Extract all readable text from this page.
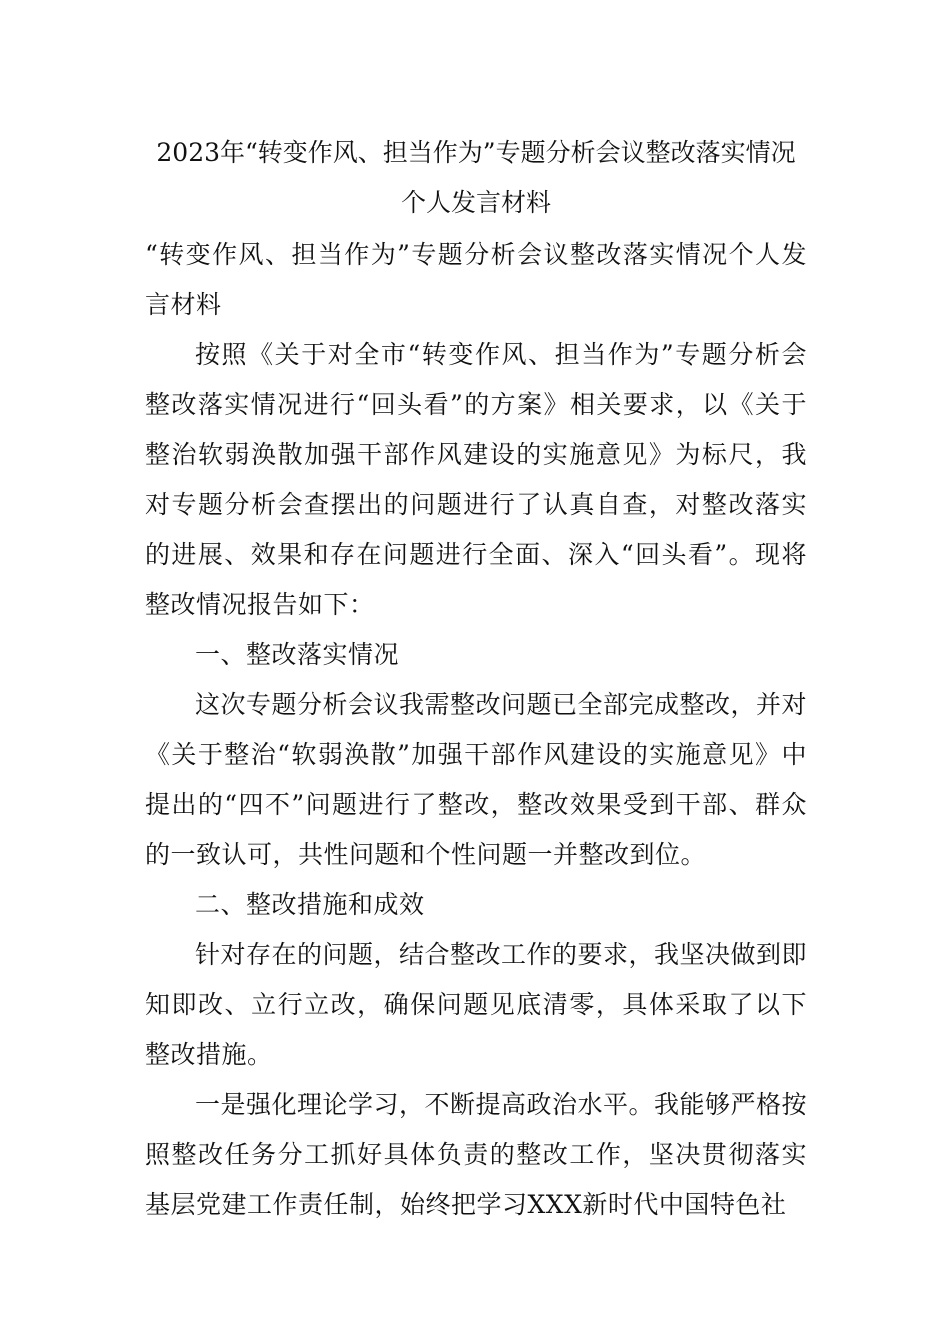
2023年“转变作风、担当作为”专题分析会议整改落实情况个人发言材料

“转变作风、担当作为”专题分析会议整改落实情况个人发言材料

按照《关于对全市“转变作风、担当作为”专题分析会整改落实情况进行“回头看”的方案》相关要求，以《关于整治软弱涣散加强干部作风建设的实施意见》为标尺，我对专题分析会查摆出的问题进行了认真自查，对整改落实的进展、效果和存在问题进行全面、深入“回头看”。现将整改情况报告如下：

一、整改落实情况

这次专题分析会议我需整改问题已全部完成整改，并对《关于整治“软弱涣散”加强干部作风建设的实施意见》中提出的“四不”问题进行了整改，整改效果受到干部、群众的一致认可，共性问题和个性问题一并整改到位。

二、整改措施和成效

针对存在的问题，结合整改工作的要求，我坚决做到即知即改、立行立改，确保问题见底清零，具体采取了以下整改措施。

一是强化理论学习，不断提高政治水平。我能够严格按照整改任务分工抓好具体负责的整改工作，坚决贯彻落实基层党建工作责任制，始终把学习XXX新时代中国特色社
